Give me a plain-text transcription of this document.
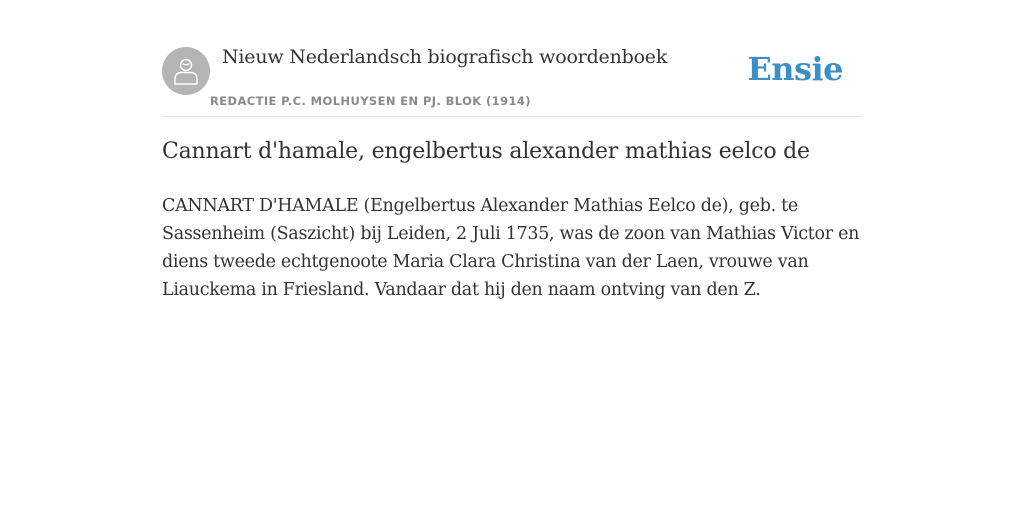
Nieuw Nederlandsch biografisch woordenboek
REDACTIE P.C. MOLHUYSEN EN PJ. BLOK (1914)
Ensie
Cannart d'hamale, engelbertus alexander mathias eelco de

CANNART D'HAMALE (Engelbertus Alexander Mathias Eelco de), geb. te Sassenheim (Saszicht) bij Leiden, 2 Juli 1735, was de zoon van Mathias Victor en diens tweede echtgenoote Maria Clara Christina van der Laen, vrouwe van Liauckema in Friesland. Vandaar dat hij den naam ontving van den Z.
